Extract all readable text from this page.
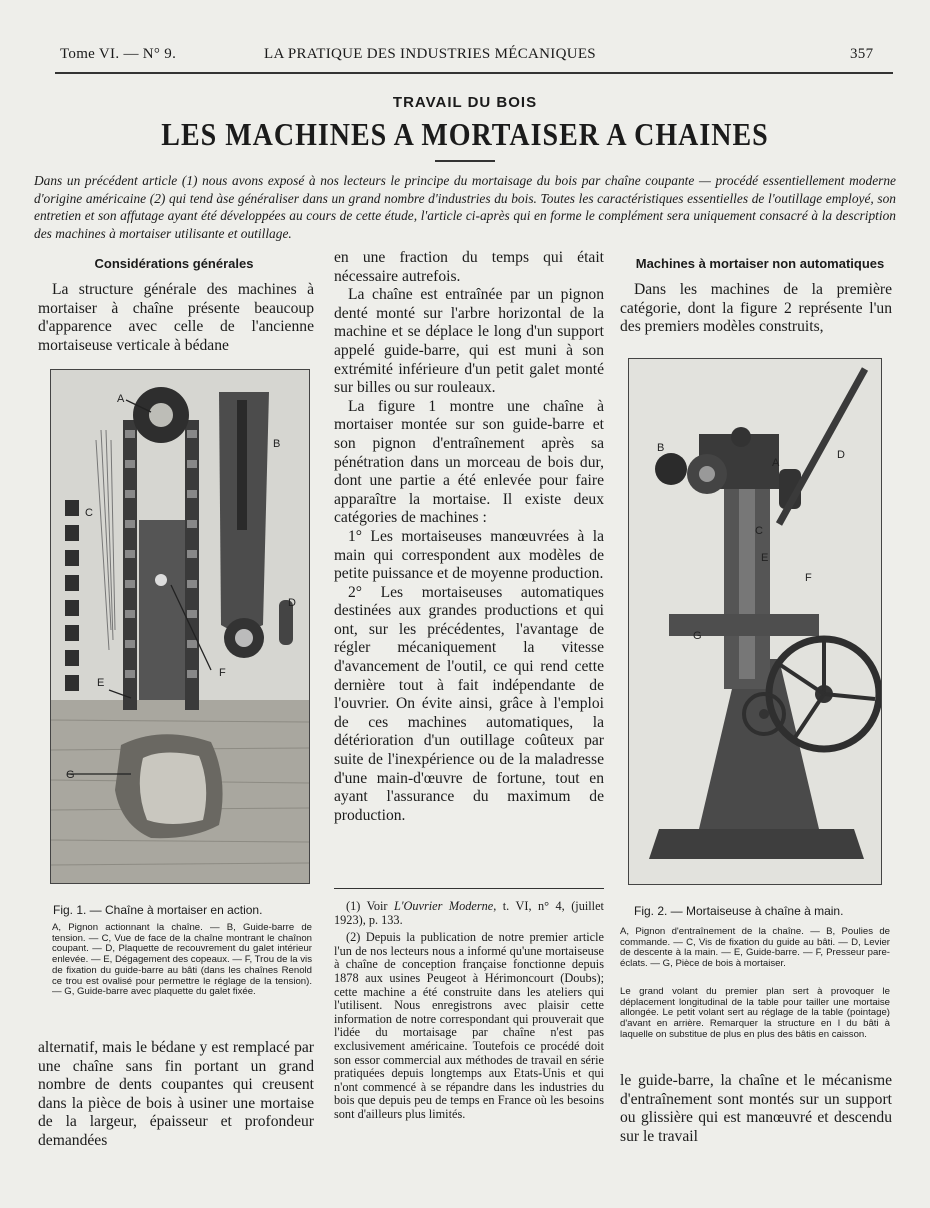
Tome VI. — N° 9.	LA PRATIQUE DES INDUSTRIES MÉCANIQUES	357
TRAVAIL DU BOIS
LES MACHINES A MORTAISER A CHAINES
Dans un précédent article (1) nous avons exposé à nos lecteurs le principe du mortaisage du bois par chaîne coupante — procédé essentiellement moderne d'origine américaine (2) qui tend àse généraliser dans un grand nombre d'industries du bois. Toutes les caractéristiques essentielles de l'outillage employé, son entretien et son affutage ayant été développées au cours de cette étude, l'article ci-après qui en forme le complément sera uniquement consacré à la description des machines à mortaiser utilisante et outillage.
Considérations générales

La structure générale des machines à mortaiser à chaîne présente beaucoup d'apparence avec celle de l'ancienne mortaiseuse verticale à bédane

A
B
C
D
E
F
G
Fig. 1. — Chaîne à mortaiser en action.
A, Pignon actionnant la chaîne. — B, Guide-barre de tension. — C, Vue de face de la chaîne montrant le chaînon coupant. — D, Plaquette de recouvrement du galet intérieur enlevée. — E, Dégagement des copeaux. — F, Trou de la vis de fixation du guide-barre au bâti (dans les chaînes Renold ce trou est ovalisé pour permettre le réglage de la tension). — G, Guide-barre avec plaquette du galet fixée.

alternatif, mais le bédane y est remplacé par une chaîne sans fin portant un grand nombre de dents coupantes qui creusent dans la pièce de bois à usiner une mortaise de la largeur, épaisseur et profondeur demandées

en une fraction du temps qui était nécessaire autrefois.

La chaîne est entraînée par un pignon denté monté sur l'arbre horizontal de la machine et se déplace le long d'un support appelé guide-barre, qui est muni à son extrémité inférieure d'un petit galet monté sur billes ou sur rouleaux.

La figure 1 montre une chaîne à mortaiser montée sur son guide-barre et son pignon d'entraînement après sa pénétration dans un morceau de bois dur, dont une partie a été enlevée pour faire apparaître la mortaise. Il existe deux catégories de machines :

1° Les mortaiseuses manœuvrées à la main qui correspondent aux modèles de petite puissance et de moyenne production.

2° Les mortaiseuses automatiques destinées aux grandes productions et qui ont, sur les précédentes, l'avantage de régler mécaniquement la vitesse d'avancement de l'outil, ce qui rend cette dernière tout à fait indépendante de l'ouvrier. On évite ainsi, grâce à l'emploi de ces machines automatiques, la détérioration d'un outillage coûteux par suite de l'inexpérience ou de la maladresse d'une main-d'œuvre de fortune, tout en ayant l'assurance du maximum de production.

(1) Voir L'Ouvrier Moderne, t. VI, n° 4, (juillet 1923), p. 133.

(2) Depuis la publication de notre premier article l'un de nos lecteurs nous a informé qu'une mortaiseuse à chaîne de conception française fonctionne depuis 1878 aux usines Peugeot à Hérimoncourt (Doubs); cette machine a été construite dans les ateliers qui l'utilisent. Nous enregistrons avec plaisir cette information de notre correspondant qui prouverait que l'idée du mortaisage par chaîne n'est pas exclusivement américaine. Toutefois ce procédé doit son essor commercial aux méthodes de travail en série pratiquées depuis longtemps aux Etats-Unis et qui n'ont commencé à se répandre dans les industries du bois que depuis peu de temps en France où les besoins sont d'ailleurs plus limités.

Machines à mortaiser non automatiques

Dans les machines de la première catégorie, dont la figure 2 représente l'un des premiers modèles construits,

B
A
D
C
E
F
G
Fig. 2. — Mortaiseuse à chaîne à main.
A, Pignon d'entraînement de la chaîne. — B, Poulies de commande. — C, Vis de fixation du guide au bâti. — D, Levier de descente à la main. — E, Guide-barre. — F, Presseur pare-éclats. — G, Pièce de bois à mortaiser.
Le grand volant du premier plan sert à provoquer le déplacement longitudinal de la table pour tailler une mortaise allongée. Le petit volant sert au réglage de la table (pointage) d'avant en arrière. Remarquer la structure en I du bâti à laquelle on substitue de plus en plus des bâtis en caisson.

le guide-barre, la chaîne et le mécanisme d'entraînement sont montés sur un support ou glissière qui est manœuvré et descendu sur le travail
